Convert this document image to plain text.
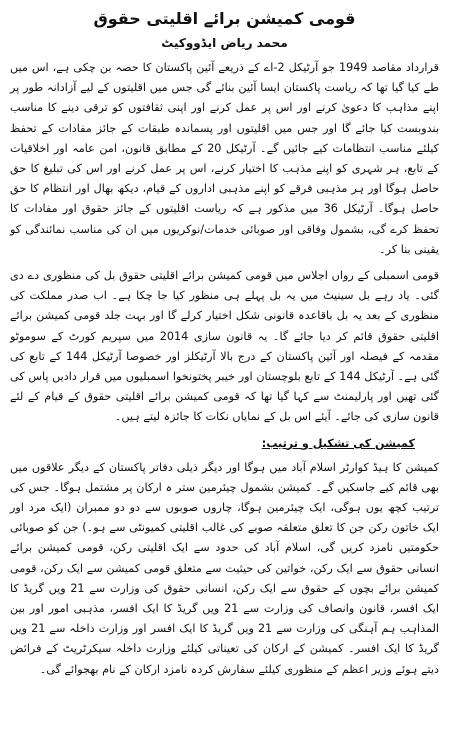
قومی کمیشن برائے اقلیتی حقوق
محمد ریاض ایڈووکیٹ
قرارداد مقاصد 1949 جو آرٹیکل 2-اے کے ذریعے آئین پاکستان کا حصہ بن چکی ہے، اس میں طے کیا گیا تھا کہ ریاست پاکستان ایسا آئین بنائے گی جس میں اقلیتوں کے لیے آزادانہ طور پر اپنے مذاہب کا دعویٰ کرنے اور اس پر عمل کرنے اور اپنی ثقافتوں کو ترقی دینے کا مناسب بندوبست کیا جائے گا اور جس میں اقلیتوں اور پسماندہ طبقات کے جائز مفادات کے تحفظ کیلئے مناسب انتظامات کیے جائیں گے۔ آرٹیکل 20 کے مطابق قانون، امن عامہ اور اخلاقیات کے تابع، ہر شہری کو اپنے مذہب کا اختیار کرنے، اس پر عمل کرنے اور اس کی تبلیغ کا حق حاصل ہوگا اور ہر مذہبی فرقے کو اپنے مذہبی اداروں کے قیام، دیکھ بھال اور انتظام کا حق حاصل ہوگا۔ آرٹیکل 36 میں مذکور ہے کہ ریاست اقلیتوں کے جائز حقوق اور مفادات کا تحفظ کرے گی، بشمول وفاقی اور صوبائی خدمات/نوکریوں میں ان کی مناسب نمائندگی کو یقینی بنا کر۔
قومی اسمبلی کے رواں اجلاس میں قومی کمیشن برائے اقلیتی حقوق بل کی منظوری دے دی گئی۔ یاد رہے بل سینیٹ میں یہ بل پہلے ہی منظور کیا جا چکا ہے۔ اب صدر مملکت کی منظوری کے بعد یہ بل باقاعدہ قانونی شکل اختیار کرلے گا اور بہت جلد قومی کمیشن برائے اقلیتی حقوق قائم کر دیا جائے گا۔ یہ قانون سازی 2014 میں سپریم کورٹ کے سوموٹو مقدمہ کے فیصلہ اور آئین پاکستان کے درج بالا آرٹیکلز اور خصوصا آرٹیکل 144 کے تابع کی گئی ہے۔ آرٹیکل 144 کے تابع بلوچستان اور خیبر پختونخوا اسمبلیوں میں قرار دادیں پاس کی گئی تھیں اور پارلیمنٹ سے کہا گیا تھا کہ قومی کمیشن برائے اقلیتی حقوق کے قیام کے لئے قانون سازی کی جائے۔ آیئے اس بل کے نمایاں نکات کا جائزہ لیتے ہیں۔
کمیشن کی تشکیل و ترتیب:
کمیشن کا ہیڈ کوارٹر اسلام آباد میں ہوگا اور دیگر ذیلی دفاتر پاکستان کے دیگر علاقوں میں بھی قائم کیے جاسکیں گے۔ کمیشن بشمول چیئرمین ستر ہ ارکان پر مشتمل ہوگا۔ جس کی ترتیب کچھ یوں ہوگی، ایک چیئرمین ہوگا، چاروں صوبوں سے دو دو ممبران (ایک مرد اور ایک خاتون رکن جن کا تعلق متعلقہ صوبے کی غالب اقلیتی کمیونٹی سے ہو۔) جن کو صوبائی حکومتیں نامزد کریں گی، اسلام آباد کی حدود سے ایک اقلیتی رکن، قومی کمیشن برائے انسانی حقوق سے ایک رکن، خواتین کی حیثیت سے متعلق قومی کمیشن سے ایک رکن، قومی کمیشن برائے بچوں کے حقوق سے ایک رکن، انسانی حقوق کی وزارت سے 21 ویں گریڈ کا ایک افسر، قانون وانصاف کی وزارت سے 21 ویں گریڈ کا ایک افسر، مذہبی امور اور بین المذاہب ہم آہنگی کی وزارت سے 21 ویں گریڈ کا ایک افسر اور وزارت داخلہ سے 21 ویں گریڈ کا ایک افسر۔ کمیشن کے ارکان کی تعیناتی کیلئے وزارت داخلہ سیکرٹریٹ کے فرائض دیتے ہوئے وزیر اعظم کے منظوری کیلئے سفارش کردہ نامزد ارکان کے نام بھجوائے گی۔
